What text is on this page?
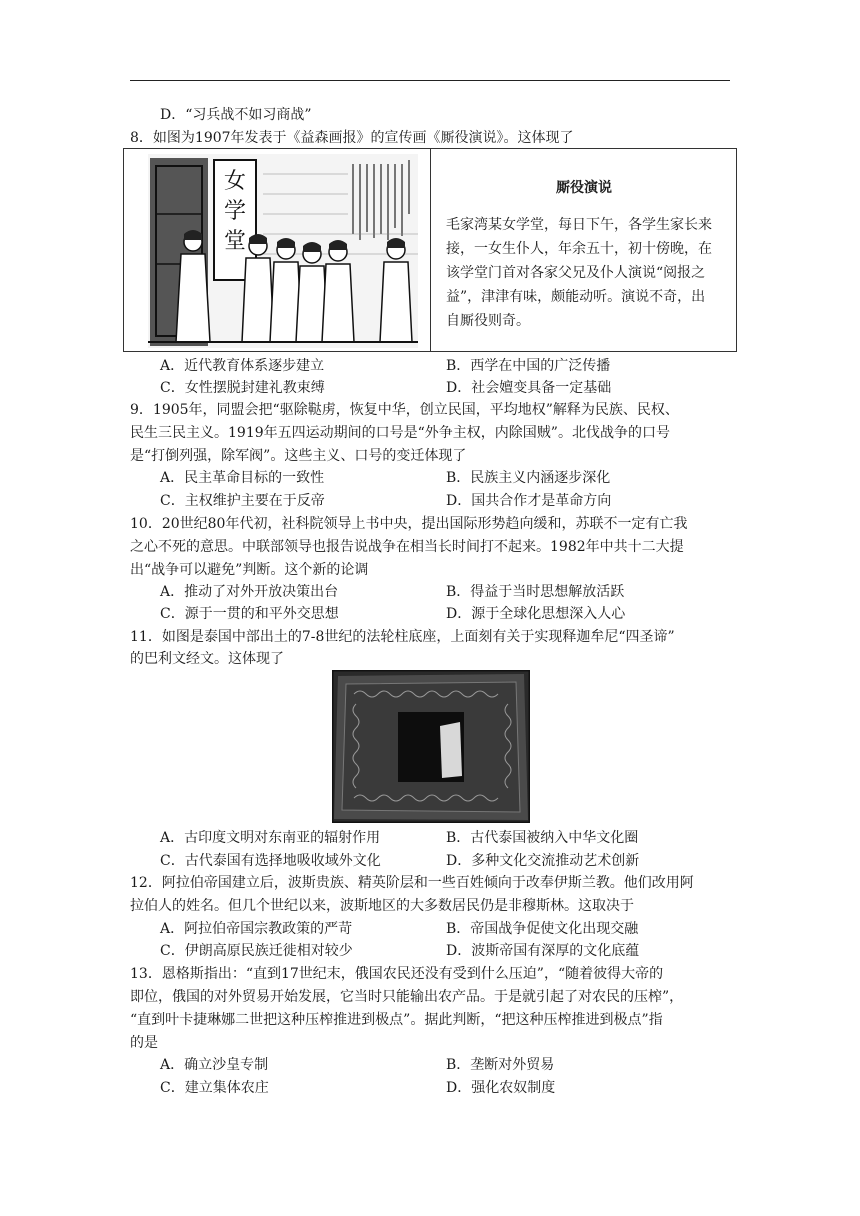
D．“习兵战不如习商战”
8．如图为1907年发表于《益森画报》的宣传画《厮役演说》。这体现了
女
学
堂
厮役演说
毛家湾某女学堂，每日下午，各学生家长来
接，一女生仆人，年余五十，初十傍晚，在
该学堂门首对各家父兄及仆人演说“阅报之
益”，津津有味，颇能动听。演说不奇，出
自厮役则奇。
A．近代教育体系逐步建立	B．西学在中国的广泛传播
C．女性摆脱封建礼教束缚	D．社会嬗变具备一定基础
9．1905年，同盟会把“驱除鞑虏，恢复中华，创立民国，平均地权”解释为民族、民权、
民生三民主义。1919年五四运动期间的口号是“外争主权，内除国贼”。北伐战争的口号
是“打倒列强，除军阀”。这些主义、口号的变迁体现了
A．民主革命目标的一致性	B．民族主义内涵逐步深化
C．主权维护主要在于反帝	D．国共合作才是革命方向
10．20世纪80年代初，社科院领导上书中央，提出国际形势趋向缓和，苏联不一定有亡我
之心不死的意思。中联部领导也报告说战争在相当长时间打不起来。1982年中共十二大提
出“战争可以避免”判断。这个新的论调
A．推动了对外开放决策出台	B．得益于当时思想解放活跃
C．源于一贯的和平外交思想	D．源于全球化思想深入人心
11．如图是泰国中部出土的7-8世纪的法轮柱底座，上面刻有关于实现释迦牟尼“四圣谛”
的巴利文经文。这体现了
A．古印度文明对东南亚的辐射作用	B．古代泰国被纳入中华文化圈
C．古代泰国有选择地吸收域外文化	D．多种文化交流推动艺术创新
12．阿拉伯帝国建立后，波斯贵族、精英阶层和一些百姓倾向于改奉伊斯兰教。他们改用阿
拉伯人的姓名。但几个世纪以来，波斯地区的大多数居民仍是非穆斯林。这取决于
A．阿拉伯帝国宗教政策的严苛	B．帝国战争促使文化出现交融
C．伊朗高原民族迁徙相对较少	D．波斯帝国有深厚的文化底蕴
13．恩格斯指出：“直到17世纪末，俄国农民还没有受到什么压迫”，“随着彼得大帝的
即位，俄国的对外贸易开始发展，它当时只能输出农产品。于是就引起了对农民的压榨”，
“直到叶卡捷琳娜二世把这种压榨推进到极点”。据此判断，“把这种压榨推进到极点”指
的是
A．确立沙皇专制	B．垄断对外贸易
C．建立集体农庄	D．强化农奴制度
